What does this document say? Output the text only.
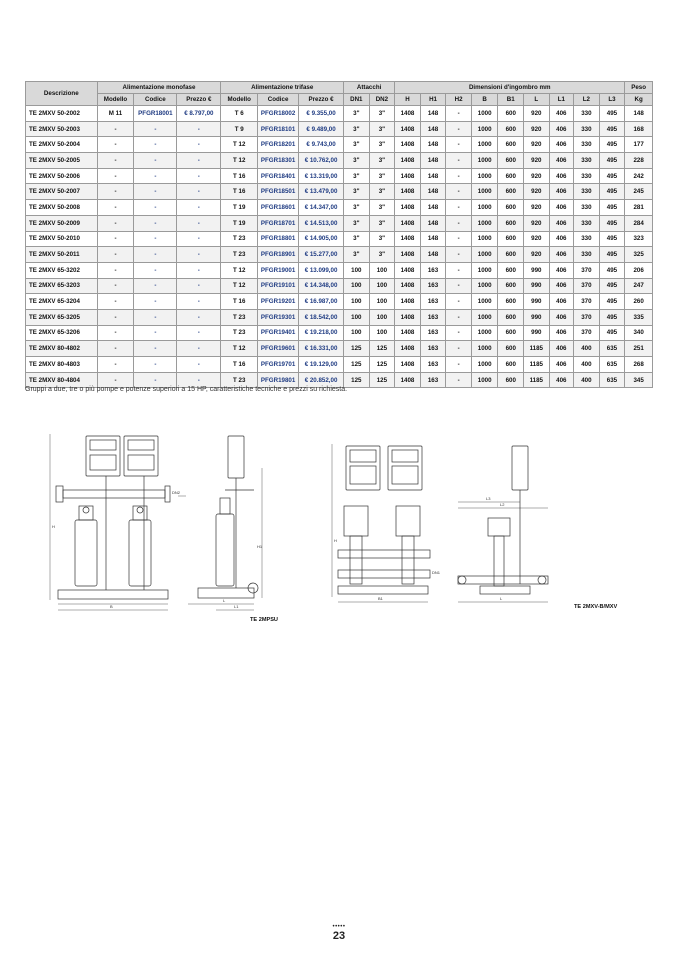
Descrizione	Alimentazione monofase			Alimentazione trifase			Attacchi		Dimensioni d'ingombro mm									Peso
	Modello	Codice	Prezzo €	Modello	Codice	Prezzo €	DN1	DN2	H	H1	H2	B	B1	L	L1	L2	L3	Kg
TE 2MXV 50-2002	M 11	PFGR18001	€ 8.797,00	T 6	PFGR18002	€ 9.355,00	3"	3"	1408	148	-	1000	600	920	406	330	495	148
TE 2MXV 50-2003	-	-	-	T 9	PFGR18101	€ 9.489,00	3"	3"	1408	148	-	1000	600	920	406	330	495	168
TE 2MXV 50-2004	-	-	-	T 12	PFGR18201	€ 9.743,00	3"	3"	1408	148	-	1000	600	920	406	330	495	177
TE 2MXV 50-2005	-	-	-	T 12	PFGR18301	€ 10.762,00	3"	3"	1408	148	-	1000	600	920	406	330	495	228
TE 2MXV 50-2006	-	-	-	T 16	PFGR18401	€ 13.319,00	3"	3"	1408	148	-	1000	600	920	406	330	495	242
TE 2MXV 50-2007	-	-	-	T 16	PFGR18501	€ 13.479,00	3"	3"	1408	148	-	1000	600	920	406	330	495	245
TE 2MXV 50-2008	-	-	-	T 19	PFGR18601	€ 14.347,00	3"	3"	1408	148	-	1000	600	920	406	330	495	281
TE 2MXV 50-2009	-	-	-	T 19	PFGR18701	€ 14.513,00	3"	3"	1408	148	-	1000	600	920	406	330	495	284
TE 2MXV 50-2010	-	-	-	T 23	PFGR18801	€ 14.905,00	3"	3"	1408	148	-	1000	600	920	406	330	495	323
TE 2MXV 50-2011	-	-	-	T 23	PFGR18901	€ 15.277,00	3"	3"	1408	148	-	1000	600	920	406	330	495	325
TE 2MXV 65-3202	-	-	-	T 12	PFGR19001	€ 13.099,00	100	100	1408	163	-	1000	600	990	406	370	495	206
TE 2MXV 65-3203	-	-	-	T 12	PFGR19101	€ 14.348,00	100	100	1408	163	-	1000	600	990	406	370	495	247
TE 2MXV 65-3204	-	-	-	T 16	PFGR19201	€ 16.987,00	100	100	1408	163	-	1000	600	990	406	370	495	260
TE 2MXV 65-3205	-	-	-	T 23	PFGR19301	€ 18.542,00	100	100	1408	163	-	1000	600	990	406	370	495	335
TE 2MXV 65-3206	-	-	-	T 23	PFGR19401	€ 19.218,00	100	100	1408	163	-	1000	600	990	406	370	495	340
TE 2MXV 80-4802	-	-	-	T 12	PFGR19601	€ 16.331,00	125	125	1408	163	-	1000	600	1185	406	400	635	251
TE 2MXV 80-4803	-	-	-	T 16	PFGR19701	€ 19.129,00	125	125	1408	163	-	1000	600	1185	406	400	635	268
TE 2MXV 80-4804	-	-	-	T 23	PFGR19801	€ 20.852,00	125	125	1408	163	-	1000	600	1185	406	400	635	345
Gruppi a due, tre o più pompe e potenze superiori a 15 HP, caratteristiche tecniche e prezzi su richiesta.
H
B
DN2
L
L1
H1
TE 2MPSU
H
B1
DN1
L3
L2
L
TE 2MXV-B/MXV
•••••
23
